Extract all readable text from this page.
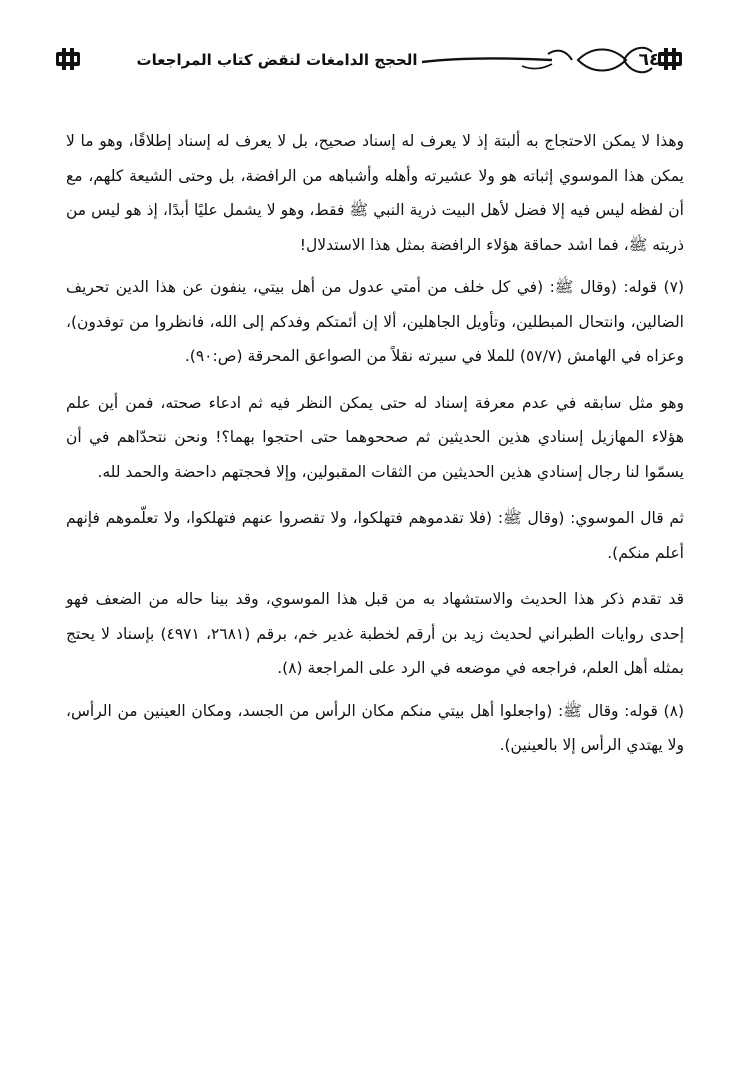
٦٤
الحجج الدامغات لنقض كتاب المراجعات

وهذا لا يمكن الاحتجاج به ألبتة إذ لا يعرف له إسناد صحيح، بل لا يعرف له إسناد إطلاقًا، وهو ما لا يمكن هذا الموسوي إثباته هو ولا عشيرته وأهله وأشباهه من الرافضة، بل وحتى الشيعة كلهم، مع أن لفظه ليس فيه إلا فضل لأهل البيت ذرية النبي ﷺ فقط، وهو لا يشمل عليًا أبدًا، إذ هو ليس من ذريته ﷺ، فما اشد حماقة هؤلاء الرافضة بمثل هذا الاستدلال!

(٧) قوله: (وقال ﷺ: (في كل خلف من أمتي عدول من أهل بيتي، ينفون عن هذا الدين تحريف الضالين، وانتحال المبطلين، وتأويل الجاهلين، ألا إن أئمتكم وفدكم إلى الله، فانظروا من توفدون)، وعزاه في الهامش (٥٧/٧) للملا في سيرته نقلاً من الصواعق المحرقة (ص:٩٠).

وهو مثل سابقه في عدم معرفة إسناد له حتى يمكن النظر فيه ثم ادعاء صحته، فمن أين علم هؤلاء المهازيل إسنادي هذين الحديثين ثم صححوهما حتى احتجوا بهما؟! ونحن نتحدّاهم في أن يسمّوا لنا رجال إسنادي هذين الحديثين من الثقات المقبولين، وإلا فحجتهم داحضة والحمد لله.

ثم قال الموسوي: (وقال ﷺ: (فلا تقدموهم فتهلكوا، ولا تقصروا عنهم فتهلكوا، ولا تعلّموهم فإنهم أعلم منكم).

قد تقدم ذكر هذا الحديث والاستشهاد به من قبل هذا الموسوي، وقد بينا حاله من الضعف فهو إحدى روايات الطبراني لحديث زيد بن أرقم لخطبة غدير خم، برقم (٢٦٨١، ٤٩٧١) بإسناد لا يحتج بمثله أهل العلم، فراجعه في موضعه في الرد على المراجعة (٨).

(٨) قوله: وقال ﷺ: (واجعلوا أهل بيتي منكم مكان الرأس من الجسد، ومكان العينين من الرأس، ولا يهتدي الرأس إلا بالعينين).
